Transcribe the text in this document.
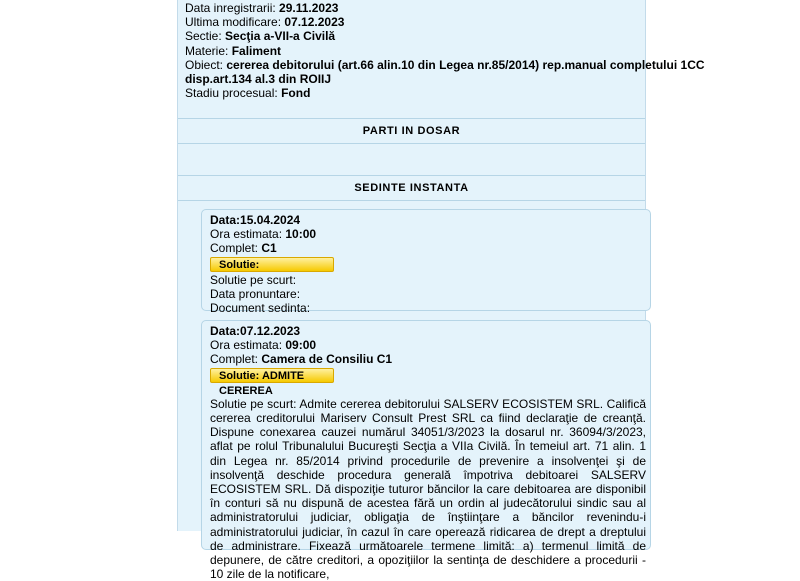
Data inregistrarii: 29.11.2023
Ultima modificare: 07.12.2023
Sectie: Secţia a-VII-a Civilă
Materie: Faliment
Obiect: cererea debitorului (art.66 alin.10 din Legea nr.85/2014) rep.manual completului 1CC
disp.art.134 al.3 din ROIIJ
Stadiu procesual: Fond
PARTI IN DOSAR
SEDINTE INSTANTA
Data:15.04.2024
Ora estimata: 10:00
Complet: C1
Solutie:
Solutie pe scurt:
Data pronuntare:
Document sedinta:
Data:07.12.2023
Ora estimata: 09:00
Complet: Camera de Consiliu C1
Solutie: ADMITE CEREREA
Solutie pe scurt: Admite cererea debitorului SALSERV ECOSISTEM SRL. Califică cererea creditorului Mariserv Consult Prest SRL ca fiind declaraţie de creanţă. Dispune conexarea cauzei numărul 34051/3/2023 la dosarul nr. 36094/3/2023, aflat pe rolul Tribunalului Bucureşti Secţia a VIIa Civilă. În temeiul art. 71 alin. 1 din Legea nr. 85/2014 privind procedurile de prevenire a insolvenţei şi de insolvenţă deschide procedura generală împotriva debitoarei SALSERV ECOSISTEM SRL. Dă dispoziţie tuturor băncilor la care debitoarea are disponibil în conturi să nu dispună de acestea fără un ordin al judecătorului sindic sau al administratorului judiciar, obligaţia de înştiinţare a băncilor revenindu-i administratorului judiciar, în cazul în care operează ridicarea de drept a dreptului de administrare. Fixează următoarele termene limită: a) termenul limită de depunere, de către creditori, a opoziţiilor la sentinţa de deschidere a procedurii - 10 zile de la notificare,
